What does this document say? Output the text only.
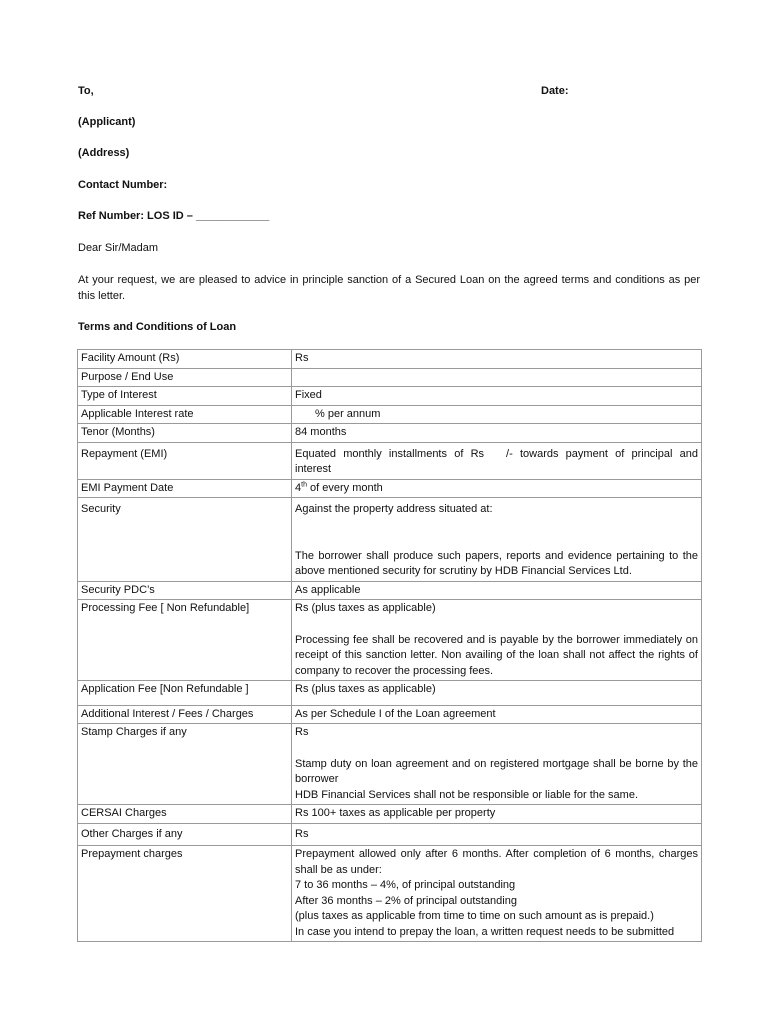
To,	Date:
(Applicant)
(Address)
Contact Number:
Ref Number: LOS ID – ____________
Dear Sir/Madam
At your request, we are pleased to advice in principle sanction of a Secured Loan on the agreed terms and conditions as per this letter.
Terms and Conditions of Loan
Facility Amount (Rs)	Rs
Purpose / End Use	
Type of Interest	Fixed
Applicable Interest rate	% per annum
Tenor (Months)	84 months
Repayment (EMI)	Equated monthly installments of Rs /- towards payment of principal and interest
EMI Payment Date	4th of every month
Security	Against the property address situated at:
The borrower shall produce such papers, reports and evidence pertaining to the above mentioned security for scrutiny by HDB Financial Services Ltd.

Security PDC’s	As applicable
Processing Fee [ Non Refundable]	Rs (plus taxes as applicable)
Processing fee shall be recovered and is payable by the borrower immediately on receipt of this sanction letter. Non availing of the loan shall not affect the rights of company to recover the processing fees.

Application Fee [Non Refundable ]	Rs (plus taxes as applicable)
Additional Interest / Fees / Charges	As per Schedule I of the Loan agreement
Stamp Charges if any	Rs
Stamp duty on loan agreement and on registered mortgage shall be borne by the borrower
HDB Financial Services shall not be responsible or liable for the same.

CERSAI Charges	Rs 100+ taxes as applicable per property
Other Charges if any	Rs
Prepayment charges	Prepayment allowed only after 6 months. After completion of 6 months, charges shall be as under:
7 to 36 months – 4%, of principal outstanding
After 36 months – 2% of principal outstanding
(plus taxes as applicable from time to time on such amount as is prepaid.)
In case you intend to prepay the loan, a written request needs to be submitted
